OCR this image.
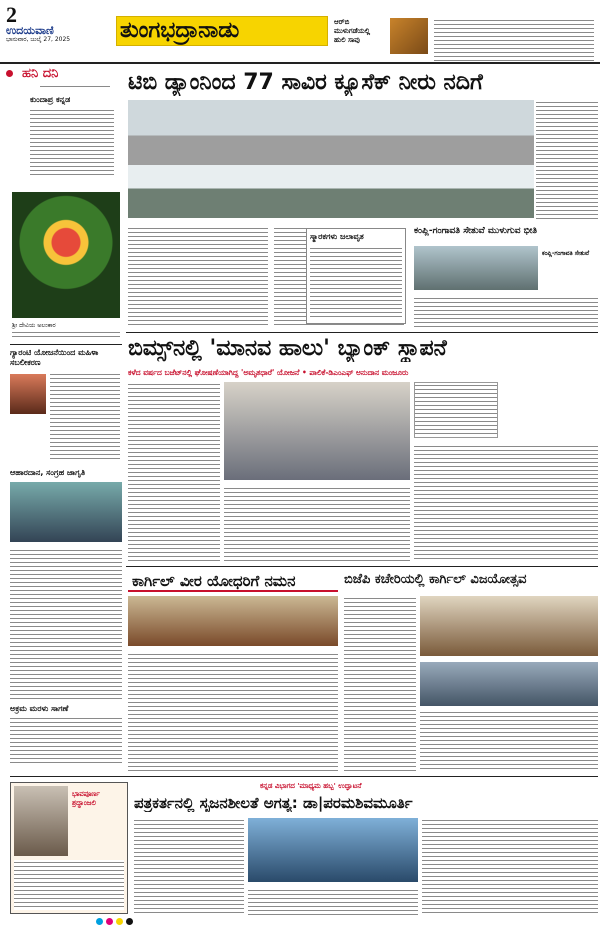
2
ಉದಯವಾಣಿ
ಭಾನುವಾರ, ಜುಲೈ 27, 2025 ತುಂಗಭದ್ರಾನಾಡು	ಆರ್‌ಬಿ
ಮುಳುಗಡೆಯಲ್ಲಿ
ಹುಲಿ ಸಾವು
ಹನಿ ದನಿ
ಕುಂದಾಪ್ರ ಕನ್ನಡ
ಶ್ರೀ ದೇವಿಯ ಅಲಂಕಾರ
ಗ್ಯಾರಂಟಿ ಯೋಜನೆಯಿಂದ ಮಹಿಳಾ ಸಬಲೀಕರಣ
ಆಹಾರದಾನ, ಸಂಗ್ರಹ ಜಾಗೃತಿ
ಅಕ್ರಮ ಮರಳು ಸಾಗಣೆ
ಟಿಬಿ ಡ್ಯಾಂನಿಂದ 77 ಸಾವಿರ ಕ್ಯೂಸೆಕ್ ನೀರು ನದಿಗೆ
ಸ್ಮಾರಕಗಳು ಜಲಾವೃತ
ಕಂಪ್ಲಿ-ಗಂಗಾವತಿ ಸೇತುವೆ ಮುಳುಗುವ ಭೀತಿ
ಕಂಪ್ಲಿ-ಗಂಗಾವತಿ ಸೇತುವೆ
ಬಿಮ್ಸ್‌ನಲ್ಲಿ 'ಮಾನವ ಹಾಲು' ಬ್ಯಾಂಕ್ ಸ್ಥಾಪನೆ
ಕಳೆದ ವರ್ಷದ ಬಜೆಟ್‌ನಲ್ಲಿ ಘೋಷಣೆಯಾಗಿದ್ದ 'ಅಮೃತಧಾರೆ' ಯೋಜನೆ • ಪಾಲಿಕೆ-ಡಿಎಂಎಫ್ ಅನುದಾನ ಮಂಜೂರು
ಕಾರ್ಗಿಲ್ ವೀರ ಯೋಧರಿಗೆ ನಮನ	ಬಿಜೆಪಿ ಕಚೇರಿಯಲ್ಲಿ ಕಾರ್ಗಿಲ್ ವಿಜಯೋತ್ಸವ
ಭಾವಪೂರ್ಣ ಶ್ರದ್ಧಾಂಜಲಿ
ಕನ್ನಡ ವಿಭಾಗದ 'ಮಾಧ್ಯಮ ಹಬ್ಬ' ಉದ್ಘಾಟನೆ
ಪತ್ರಕರ್ತನಲ್ಲಿ ಸೃಜನಶೀಲತೆ ಅಗತ್ಯ: ಡಾ|ಪರಮಶಿವಮೂರ್ತಿ
